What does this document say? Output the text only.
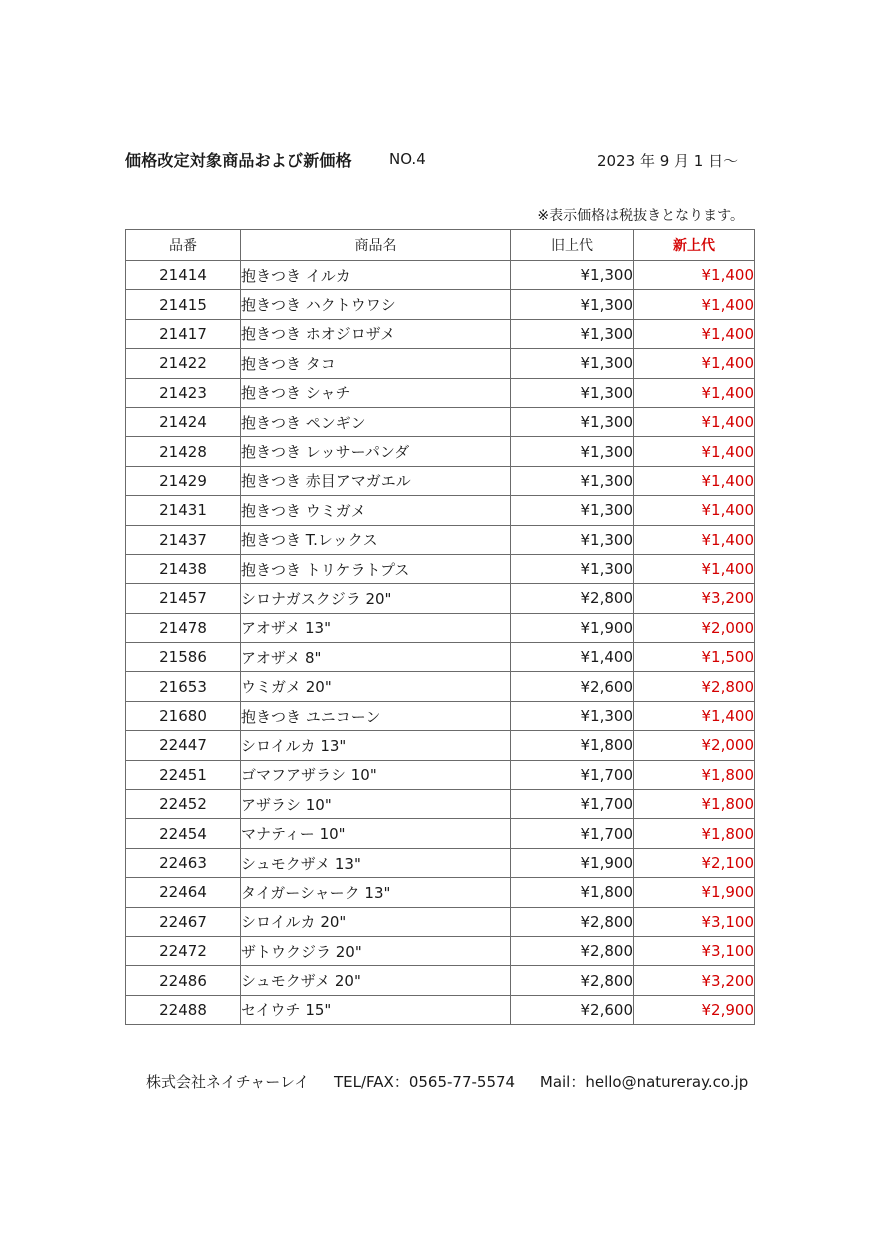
価格改定対象商品および新価格 NO.4	2023 年 9 月 1 日〜
※表示価格は税抜きとなります。
品番	商品名	旧上代	新上代
21414	抱きつき イルカ	¥1,300	¥1,400
21415	抱きつき ハクトウワシ	¥1,300	¥1,400
21417	抱きつき ホオジロザメ	¥1,300	¥1,400
21422	抱きつき タコ	¥1,300	¥1,400
21423	抱きつき シャチ	¥1,300	¥1,400
21424	抱きつき ペンギン	¥1,300	¥1,400
21428	抱きつき レッサーパンダ	¥1,300	¥1,400
21429	抱きつき 赤目アマガエル	¥1,300	¥1,400
21431	抱きつき ウミガメ	¥1,300	¥1,400
21437	抱きつき T.レックス	¥1,300	¥1,400
21438	抱きつき トリケラトプス	¥1,300	¥1,400
21457	シロナガスクジラ 20"	¥2,800	¥3,200
21478	アオザメ 13"	¥1,900	¥2,000
21586	アオザメ 8"	¥1,400	¥1,500
21653	ウミガメ 20"	¥2,600	¥2,800
21680	抱きつき ユニコーン	¥1,300	¥1,400
22447	シロイルカ 13"	¥1,800	¥2,000
22451	ゴマフアザラシ 10"	¥1,700	¥1,800
22452	アザラシ 10"	¥1,700	¥1,800
22454	マナティー 10"	¥1,700	¥1,800
22463	シュモクザメ 13"	¥1,900	¥2,100
22464	タイガーシャーク 13"	¥1,800	¥1,900
22467	シロイルカ 20"	¥2,800	¥3,100
22472	ザトウクジラ 20"	¥2,800	¥3,100
22486	シュモクザメ 20"	¥2,800	¥3,200
22488	セイウチ 15"	¥2,600	¥2,900
株式会社ネイチャーレイ TEL/FAX：0565-77-5574 Mail：hello@natureray.co.jp
